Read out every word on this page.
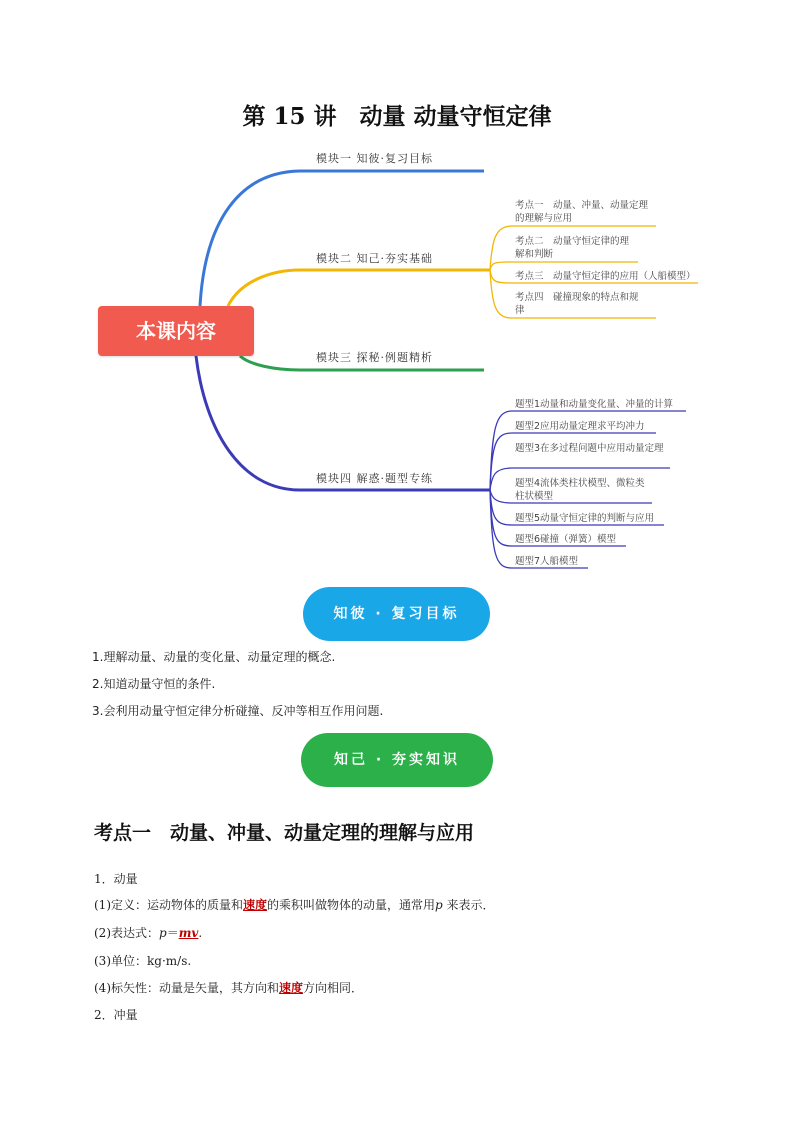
第 15 讲　动量 动量守恒定律
本课内容
模块一 知彼·复习目标
模块二 知己·夯实基础
模块三 探秘·例题精析
模块四 解惑·题型专练
考点一　动量、冲量、动量定理的理解与应用
考点二　动量守恒定律的理解和判断
考点三　动量守恒定律的应用（人船模型）
考点四　碰撞现象的特点和规律
题型1动量和动量变化量、冲量的计算
题型2应用动量定理求平均冲力
题型3在多过程问题中应用动量定理
题型4流体类柱状模型、微粒类柱状模型
题型5动量守恒定律的判断与应用
题型6碰撞（弹簧）模型
题型7人船模型
知彼 · 复习目标
1.理解动量、动量的变化量、动量定理的概念.
2.知道动量守恒的条件.
3.会利用动量守恒定律分析碰撞、反冲等相互作用问题.
知己 · 夯实知识
考点一　动量、冲量、动量定理的理解与应用
1．动量
(1)定义：运动物体的质量和速度的乘积叫做物体的动量，通常用p 来表示．
(2)表达式：p＝mv.
(3)单位：kg·m/s.
(4)标矢性：动量是矢量，其方向和速度方向相同．
2．冲量
